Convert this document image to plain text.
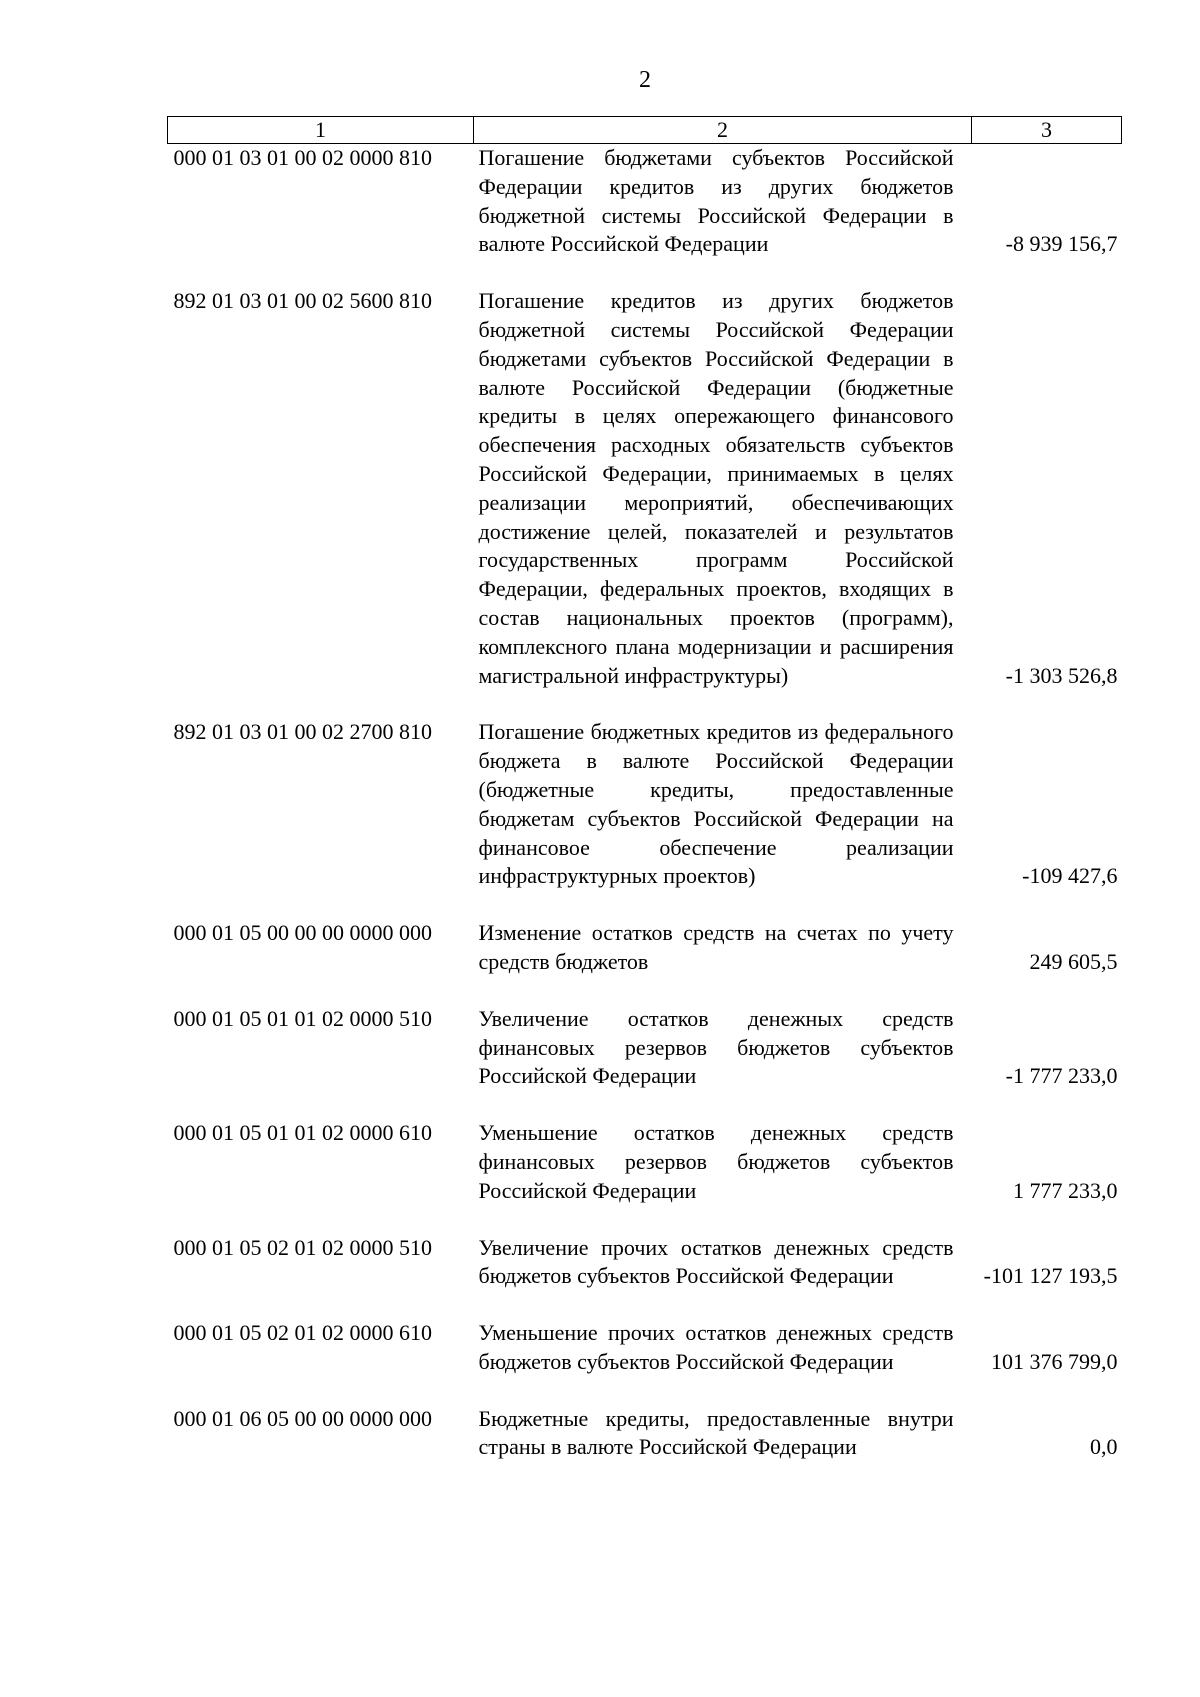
2
1	2	3
000 01 03 01 00 02 0000 810	Погашение бюджетами субъектов Российской Федерации кредитов из других бюджетов бюджетной системы Российской Федерации в валюте Российской Федерации	-8 939 156,7
892 01 03 01 00 02 5600 810	Погашение кредитов из других бюджетов бюджетной системы Российской Федерации бюджетами субъектов Российской Федерации в валюте Российской Федерации (бюджетные кредиты в целях опережающего финансового обеспечения расходных обязательств субъектов Российской Федерации, принимаемых в целях реализации мероприятий, обеспечивающих достижение целей, показателей и результатов государственных программ Российской Федерации, федеральных проектов, входящих в состав национальных проектов (программ), комплексного плана модернизации и расширения магистральной инфраструктуры)	-1 303 526,8
892 01 03 01 00 02 2700 810	Погашение бюджетных кредитов из федерального бюджета в валюте Российской Федерации (бюджетные кредиты, предоставленные бюджетам субъектов Российской Федерации на финансовое обеспечение реализации инфраструктурных проектов)	-109 427,6
000 01 05 00 00 00 0000 000	Изменение остатков средств на счетах по учету средств бюджетов	249 605,5
000 01 05 01 01 02 0000 510	Увеличение остатков денежных средств финансовых резервов бюджетов субъектов Российской Федерации	-1 777 233,0
000 01 05 01 01 02 0000 610	Уменьшение остатков денежных средств финансовых резервов бюджетов субъектов Российской Федерации	1 777 233,0
000 01 05 02 01 02 0000 510	Увеличение прочих остатков денежных средств бюджетов субъектов Российской Федерации	-101 127 193,5
000 01 05 02 01 02 0000 610	Уменьшение прочих остатков денежных средств бюджетов субъектов Российской Федерации	101 376 799,0
000 01 06 05 00 00 0000 000	Бюджетные кредиты, предоставленные внутри страны в валюте Российской Федерации	0,0
